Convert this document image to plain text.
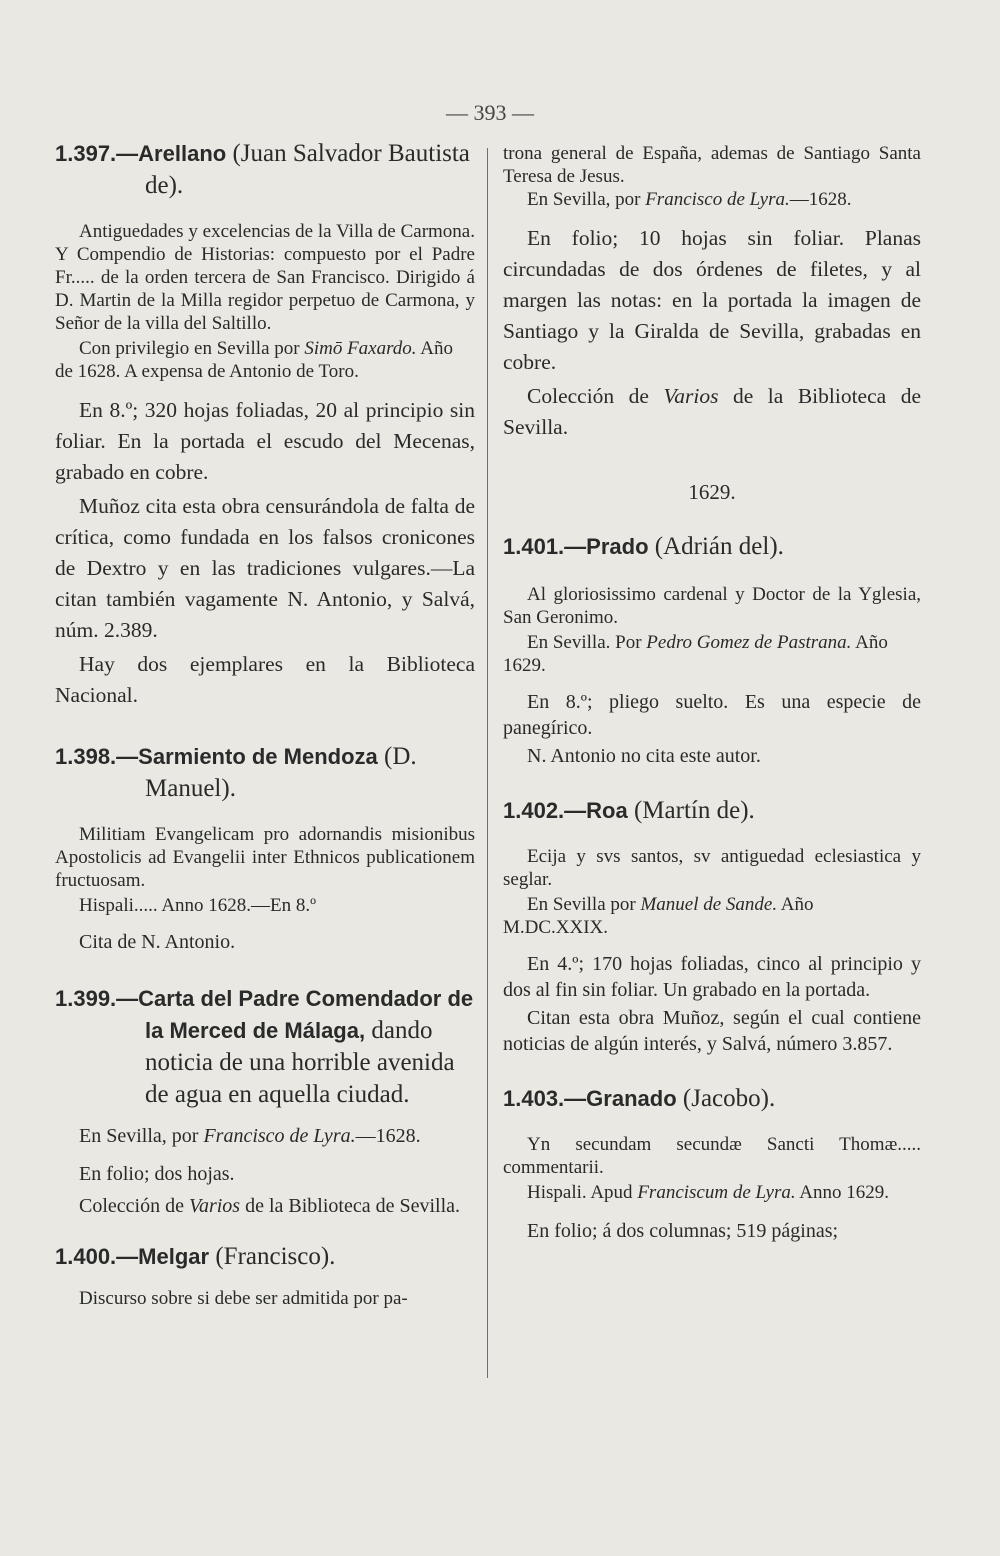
— 393 —

1.397.—Arellano (Juan Salvador Bautista de).

Antiguedades y excelencias de la Villa de Carmona. Y Compendio de Historias: compuesto por el Padre Fr..... de la orden tercera de San Francisco. Dirigido á D. Martin de la Milla regidor perpetuo de Carmona, y Señor de la villa del Saltillo.

Con privilegio en Sevilla por Simō Faxardo. Año de 1628. A expensa de Antonio de Toro.

En 8.º; 320 hojas foliadas, 20 al principio sin foliar. En la portada el escudo del Mecenas, grabado en cobre.

Muñoz cita esta obra censurándola de falta de crítica, como fundada en los falsos cronicones de Dextro y en las tradiciones vulgares.—La citan también vagamente N. Antonio, y Salvá, núm. 2.389.

Hay dos ejemplares en la Biblioteca Nacional.

1.398.—Sarmiento de Mendoza (D. Manuel).

Militiam Evangelicam pro adornandis misionibus Apostolicis ad Evangelii inter Ethnicos publicationem fructuosam.

Hispali..... Anno 1628.—En 8.º

Cita de N. Antonio.

1.399.—Carta del Padre Comendador de la Merced de Málaga, dando noticia de una horrible avenida de agua en aquella ciudad.

En Sevilla, por Francisco de Lyra.—1628.

En folio; dos hojas.

Colección de Varios de la Biblioteca de Sevilla.

1.400.—Melgar (Francisco).

Discurso sobre si debe ser admitida por pa-

trona general de España, ademas de Santiago Santa Teresa de Jesus.

En Sevilla, por Francisco de Lyra.—1628.

En folio; 10 hojas sin foliar. Planas circundadas de dos órdenes de filetes, y al margen las notas: en la portada la imagen de Santiago y la Giralda de Sevilla, grabadas en cobre.

Colección de Varios de la Biblioteca de Sevilla.

1629.

1.401.—Prado (Adrián del).

Al gloriosissimo cardenal y Doctor de la Yglesia, San Geronimo.

En Sevilla. Por Pedro Gomez de Pastrana. Año 1629.

En 8.º; pliego suelto. Es una especie de panegírico.

N. Antonio no cita este autor.

1.402.—Roa (Martín de).

Ecija y svs santos, sv antiguedad eclesiastica y seglar.

En Sevilla por Manuel de Sande. Año M.DC.XXIX.

En 4.º; 170 hojas foliadas, cinco al principio y dos al fin sin foliar. Un grabado en la portada.

Citan esta obra Muñoz, según el cual contiene noticias de algún interés, y Salvá, número 3.857.

1.403.—Granado (Jacobo).

Yn secundam secundæ Sancti Thomæ..... commentarii.

Hispali. Apud Franciscum de Lyra. Anno 1629.

En folio; á dos columnas; 519 páginas;
